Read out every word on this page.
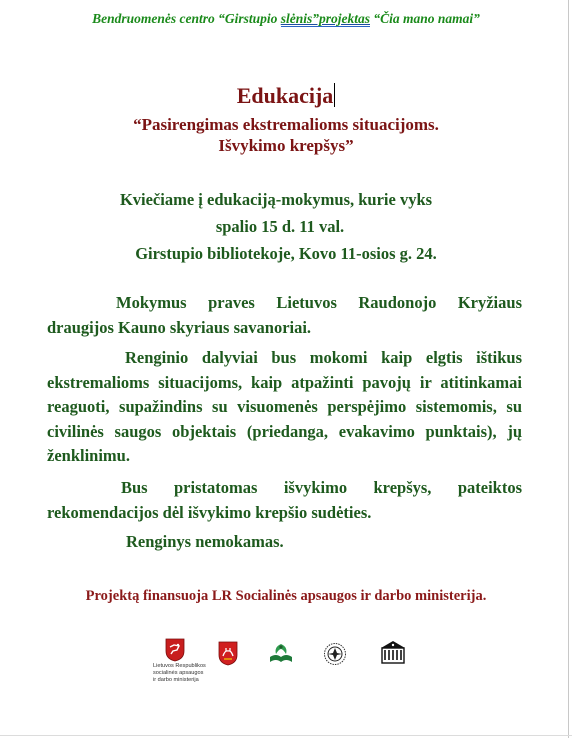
Bendruomenės centro “Girstupio slėnis”projektas “Čia mano namai”
Edukacija
“Pasirengimas ekstremalioms situacijoms.
Išvykimo krepšys”
Kviečiame į edukaciją-mokymus, kurie vyks
spalio 15 d. 11 val.
Girstupio bibliotekoje, Kovo 11-osios g. 24.
Mokymus praves Lietuvos Raudonojo Kryžiaus draugijos Kauno skyriaus savanoriai.
Renginio dalyviai bus mokomi kaip elgtis ištikus ekstremalioms situacijoms, kaip atpažinti pavojų ir atitinkamai reaguoti, supažindins su visuomenės perspėjimo sistemomis, su civilinės saugos objektais (priedanga, evakavimo punktais), jų ženklinimu.
Bus pristatomas išvykimo krepšys, pateiktos rekomendacijos dėl išvykimo krepšio sudėties.
Renginys nemokamas.
Projektą finansuoja LR Socialinės apsaugos ir darbo ministerija.
Lietuvos Respublikos
socialinės apsaugos
ir darbo ministerija
